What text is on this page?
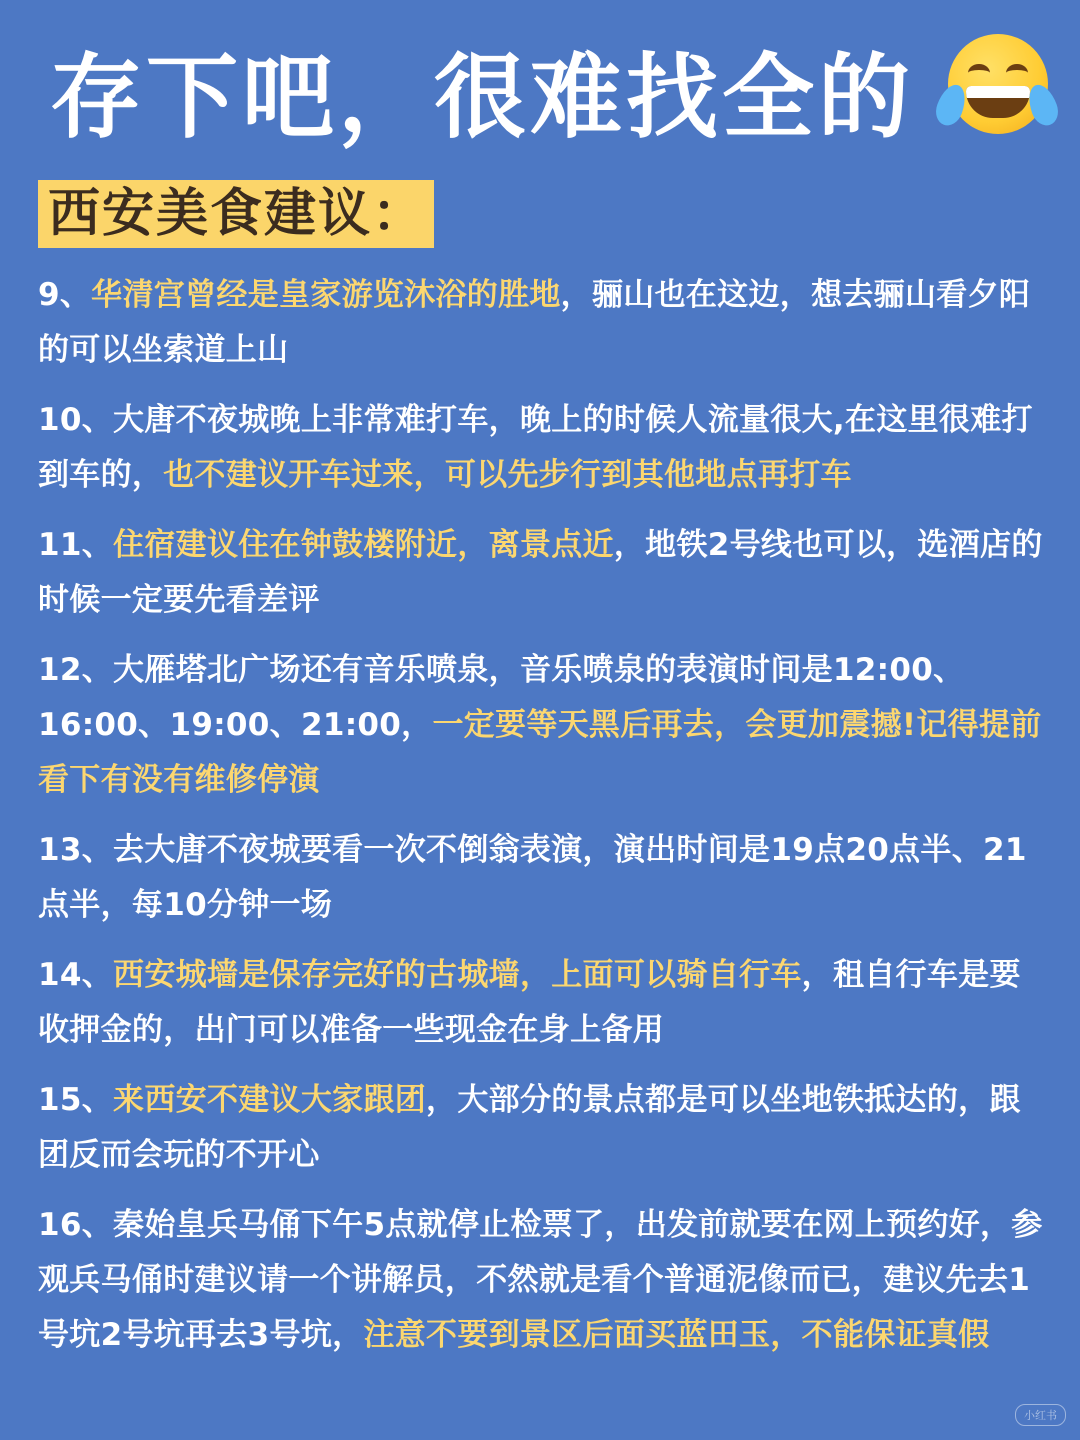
存下吧，很难找全的
西安美食建议：
9、华清宫曾经是皇家游览沐浴的胜地，骊山也在这边，想去骊山看夕阳的可以坐索道上山
10、大唐不夜城晚上非常难打车，晚上的时候人流量很大,在这里很难打到车的，也不建议开车过来，可以先步行到其他地点再打车
11、住宿建议住在钟鼓楼附近，离景点近，地铁2号线也可以，选酒店的时候一定要先看差评
12、大雁塔北广场还有音乐喷泉，音乐喷泉的表演时间是12:00、16:00、19:00、21:00，一定要等天黑后再去，会更加震撼!记得提前看下有没有维修停演
13、去大唐不夜城要看一次不倒翁表演，演出时间是19点20点半、21点半，每10分钟一场
14、西安城墙是保存完好的古城墙，上面可以骑自行车，租自行车是要收押金的，出门可以准备一些现金在身上备用
15、来西安不建议大家跟团，大部分的景点都是可以坐地铁抵达的，跟团反而会玩的不开心
16、秦始皇兵马俑下午5点就停止检票了，出发前就要在网上预约好，参观兵马俑时建议请一个讲解员，不然就是看个普通泥像而已，建议先去1号坑2号坑再去3号坑，注意不要到景区后面买蓝田玉，不能保证真假
小红书
